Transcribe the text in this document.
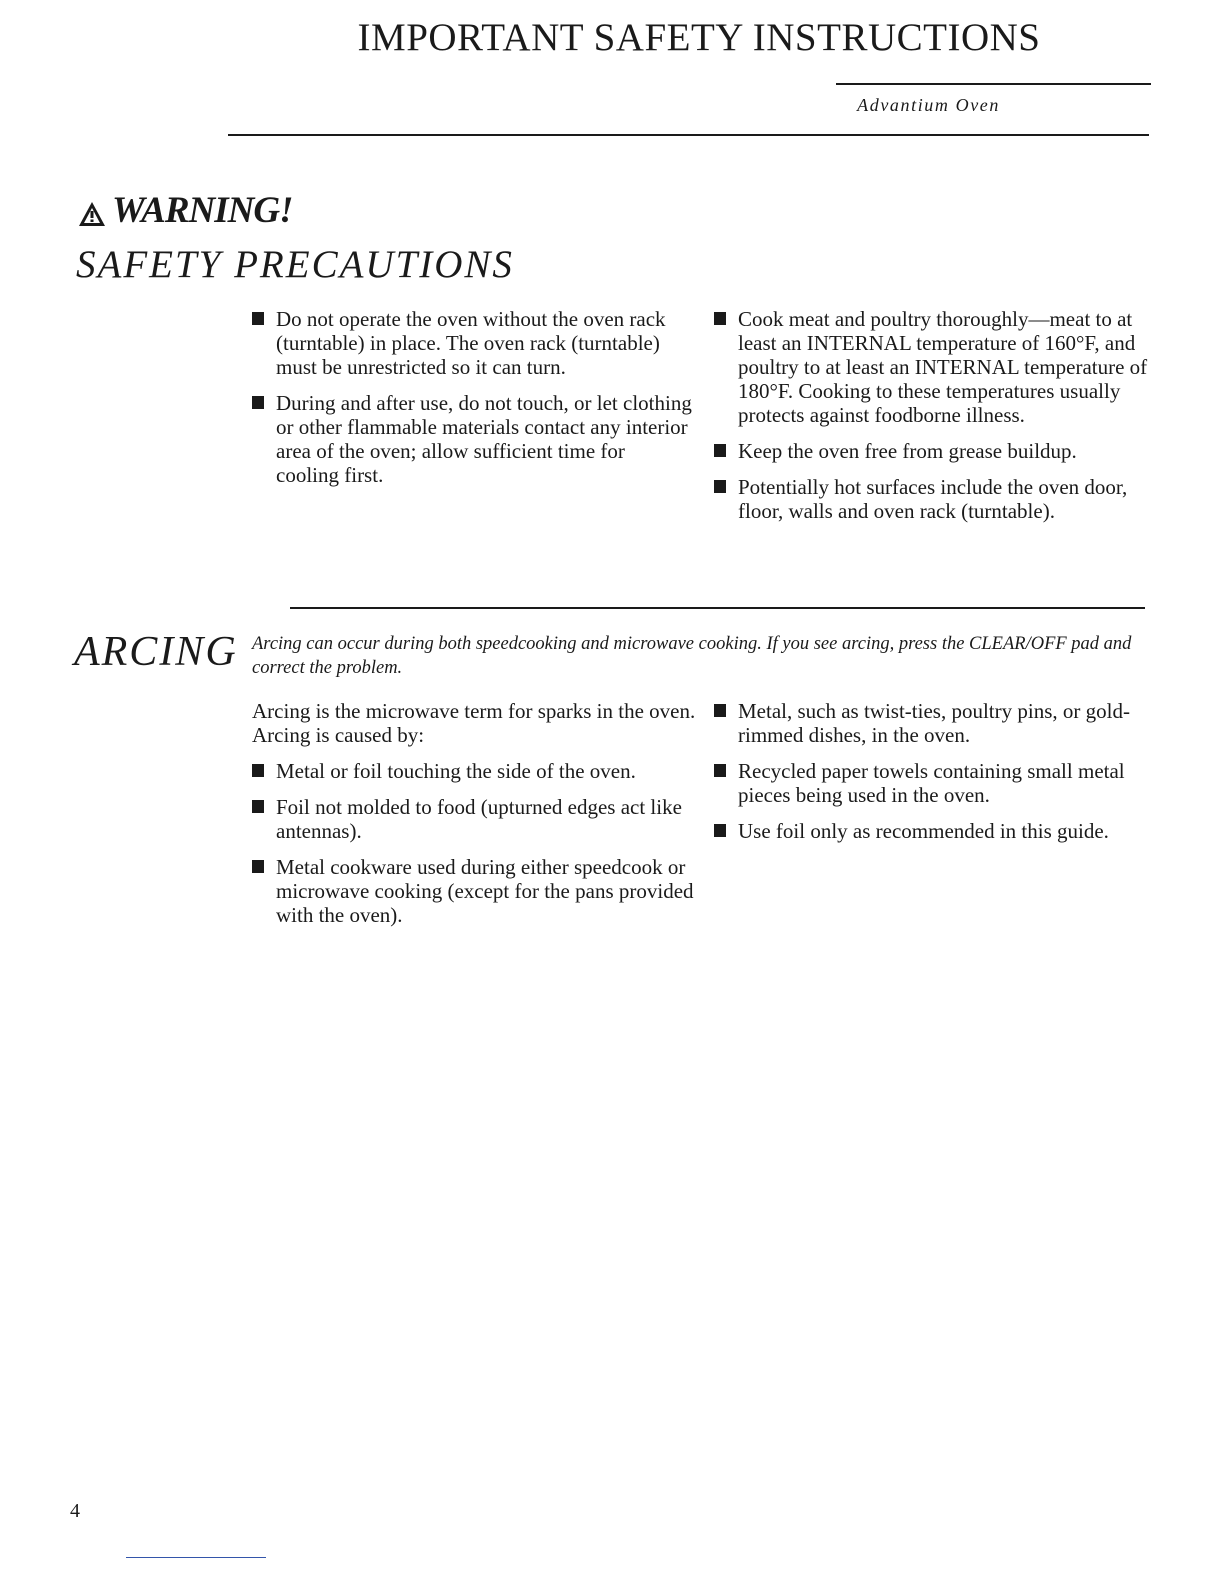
IMPORTANT SAFETY INSTRUCTIONS
Advantium Oven
WARNING!
SAFETY PRECAUTIONS
Do not operate the oven without the oven rack (turntable) in place. The oven rack (turntable) must be unrestricted so it can turn.
During and after use, do not touch, or let clothing or other flammable materials contact any interior area of the oven; allow sufficient time for cooling first.
Cook meat and poultry thoroughly—meat to at least an INTERNAL temperature of 160°F, and poultry to at least an INTERNAL temperature of 180°F. Cooking to these temperatures usually protects against foodborne illness.
Keep the oven free from grease buildup.
Potentially hot surfaces include the oven door, floor, walls and oven rack (turntable).
ARCING Arcing can occur during both speedcooking and microwave cooking. If you see arcing, press the CLEAR/OFF pad and correct the problem.

Arcing is the microwave term for sparks in the oven. Arcing is caused by:

Metal or foil touching the side of the oven.
Foil not molded to food (upturned edges act like antennas).
Metal cookware used during either speedcook or microwave cooking (except for the pans provided with the oven).
Metal, such as twist-ties, poultry pins, or gold-rimmed dishes, in the oven.
Recycled paper towels containing small metal pieces being used in the oven.
Use foil only as recommended in this guide.
4
